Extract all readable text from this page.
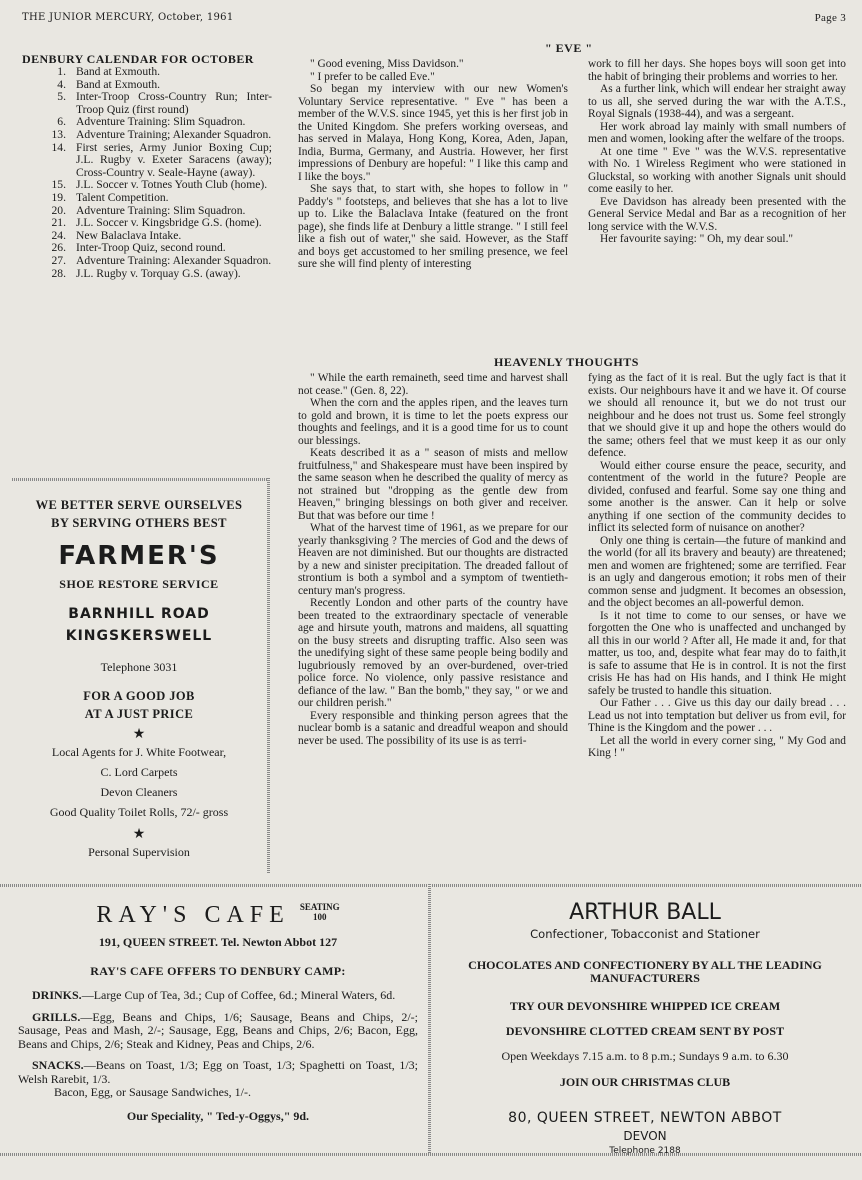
THE JUNIOR MERCURY, October, 1961	Page 3
DENBURY CALENDAR FOR OCTOBER
1. Band at Exmouth.
4. Band at Exmouth.
5. Inter-Troop Cross-Country Run; Inter-Troop Quiz (first round)
6. Adventure Training: Slim Squadron.
13. Adventure Training; Alexander Squadron.
14. First series, Army Junior Boxing Cup; J.L. Rugby v. Exeter Saracens (away); Cross-Country v. Seale-Hayne (away).
15. J.L. Soccer v. Totnes Youth Club (home).
19. Talent Competition.
20. Adventure Training: Slim Squadron.
21. J.L. Soccer v. Kingsbridge G.S. (home).
24. New Balaclava Intake.
26. Inter-Troop Quiz, second round.
27. Adventure Training: Alexander Squadron.
28. J.L. Rugby v. Torquay G.S. (away).
" EVE "

" Good evening, Miss Davidson."

" I prefer to be called Eve."

So began my interview with our new Women's Voluntary Service representative. " Eve " has been a member of the W.V.S. since 1945, yet this is her first job in the United Kingdom. She prefers working overseas, and has served in Malaya, Hong Kong, Korea, Aden, Japan, India, Burma, Germany, and Austria. However, her first impressions of Denbury are hopeful: " I like this camp and I like the boys."

She says that, to start with, she hopes to follow in " Paddy's " footsteps, and believes that she has a lot to live up to. Like the Balaclava Intake (featured on the front page), she finds life at Denbury a little strange. " I still feel like a fish out of water," she said. However, as the Staff and boys get accustomed to her smiling presence, we feel sure she will find plenty of interesting

work to fill her days. She hopes boys will soon get into the habit of bringing their problems and worries to her.

As a further link, which will endear her straight away to us all, she served during the war with the A.T.S., Royal Signals (1938-44), and was a sergeant.

Her work abroad lay mainly with small numbers of men and women, looking after the welfare of the troops.

At one time " Eve " was the W.V.S. representative with No. 1 Wireless Regiment who were stationed in Gluckstal, so working with another Signals unit should come easily to her.

Eve Davidson has already been presented with the General Service Medal and Bar as a recognition of her long service with the W.V.S.

Her favourite saying: " Oh, my dear soul."

HEAVENLY THOUGHTS

" While the earth remaineth, seed time and harvest shall not cease." (Gen. 8, 22).

When the corn and the apples ripen, and the leaves turn to gold and brown, it is time to let the poets express our thoughts and feelings, and it is a good time for us to count our blessings.

Keats described it as a " season of mists and mellow fruitfulness," and Shakespeare must have been inspired by the same season when he described the quality of mercy as not strained but "dropping as the gentle dew from Heaven," bringing blessings on both giver and receiver. But that was before our time !

What of the harvest time of 1961, as we prepare for our yearly thanksgiving ? The mercies of God and the dews of Heaven are not diminished. But our thoughts are distracted by a new and sinister precipitation. The dreaded fallout of strontium is both a symbol and a symptom of twentieth-century man's progress.

Recently London and other parts of the country have been treated to the extraordinary spectacle of venerable age and hirsute youth, matrons and maidens, all squatting on the busy streets and disrupting traffic. Also seen was the unedifying sight of these same people being bodily and lugubriously removed by an over-burdened, over-tried police force. No violence, only passive resistance and defiance of the law. " Ban the bomb," they say, " or we and our children perish."

Every responsible and thinking person agrees that the nuclear bomb is a satanic and dreadful weapon and should never be used. The possibility of its use is as terri-

fying as the fact of it is real. But the ugly fact is that it exists. Our neighbours have it and we have it. Of course we should all renounce it, but we do not trust our neighbour and he does not trust us. Some feel strongly that we should give it up and hope the others would do the same; others feel that we must keep it as our only defence.

Would either course ensure the peace, security, and contentment of the world in the future? People are divided, confused and fearful. Some say one thing and some another is the answer. Can it help or solve anything if one section of the community decides to inflict its selected form of nuisance on another?

Only one thing is certain—the future of mankind and the world (for all its bravery and beauty) are threatened; men and women are frightened; some are terrified. Fear is an ugly and dangerous emotion; it robs men of their common sense and judgment. It becomes an obsession, and the object becomes an all-powerful demon.

Is it not time to come to our senses, or have we forgotten the One who is unaffected and unchanged by all this in our world ? After all, He made it and, for that matter, us too, and, despite what fear may do to faith,it is safe to assume that He is in control. It is not the first crisis He has had on His hands, and I think He might safely be trusted to handle this situation.

Our Father . . . Give us this day our daily bread . . . Lead us not into temptation but deliver us from evil, for Thine is the Kingdom and the power . . .

Let all the world in every corner sing, " My God and King ! "

WE BETTER SERVE OURSELVES
BY SERVING OTHERS BEST
FARMER'S
SHOE RESTORE SERVICE
BARNHILL ROAD
KINGSKERSWELL
Telephone 3031
FOR A GOOD JOB
AT A JUST PRICE
★
Local Agents for J. White Footwear,
C. Lord Carpets
Devon Cleaners
Good Quality Toilet Rolls, 72/- gross
★
Personal Supervision
RAY'S CAFE SEATING
100
191, QUEEN STREET. Tel. Newton Abbot 127
RAY'S CAFE OFFERS TO DENBURY CAMP:
DRINKS.—Large Cup of Tea, 3d.; Cup of Coffee, 6d.; Mineral Waters, 6d.
GRILLS.—Egg, Beans and Chips, 1/6; Sausage, Beans and Chips, 2/-; Sausage, Peas and Mash, 2/-; Sausage, Egg, Beans and Chips, 2/6; Bacon, Egg, Beans and Chips, 2/6; Steak and Kidney, Peas and Chips, 2/6.
SNACKS.—Beans on Toast, 1/3; Egg on Toast, 1/3; Spaghetti on Toast, 1/3; Welsh Rarebit, 1/3.
Bacon, Egg, or Sausage Sandwiches, 1/-.
Our Speciality, " Ted-y-Oggys," 9d.
ARTHUR BALL
Confectioner, Tobacconist and Stationer
CHOCOLATES AND CONFECTIONERY BY ALL THE LEADING MANUFACTURERS
TRY OUR DEVONSHIRE WHIPPED ICE CREAM
DEVONSHIRE CLOTTED CREAM SENT BY POST
Open Weekdays 7.15 a.m. to 8 p.m.; Sundays 9 a.m. to 6.30
JOIN OUR CHRISTMAS CLUB
80, QUEEN STREET, NEWTON ABBOT
DEVON
Telephone 2188
